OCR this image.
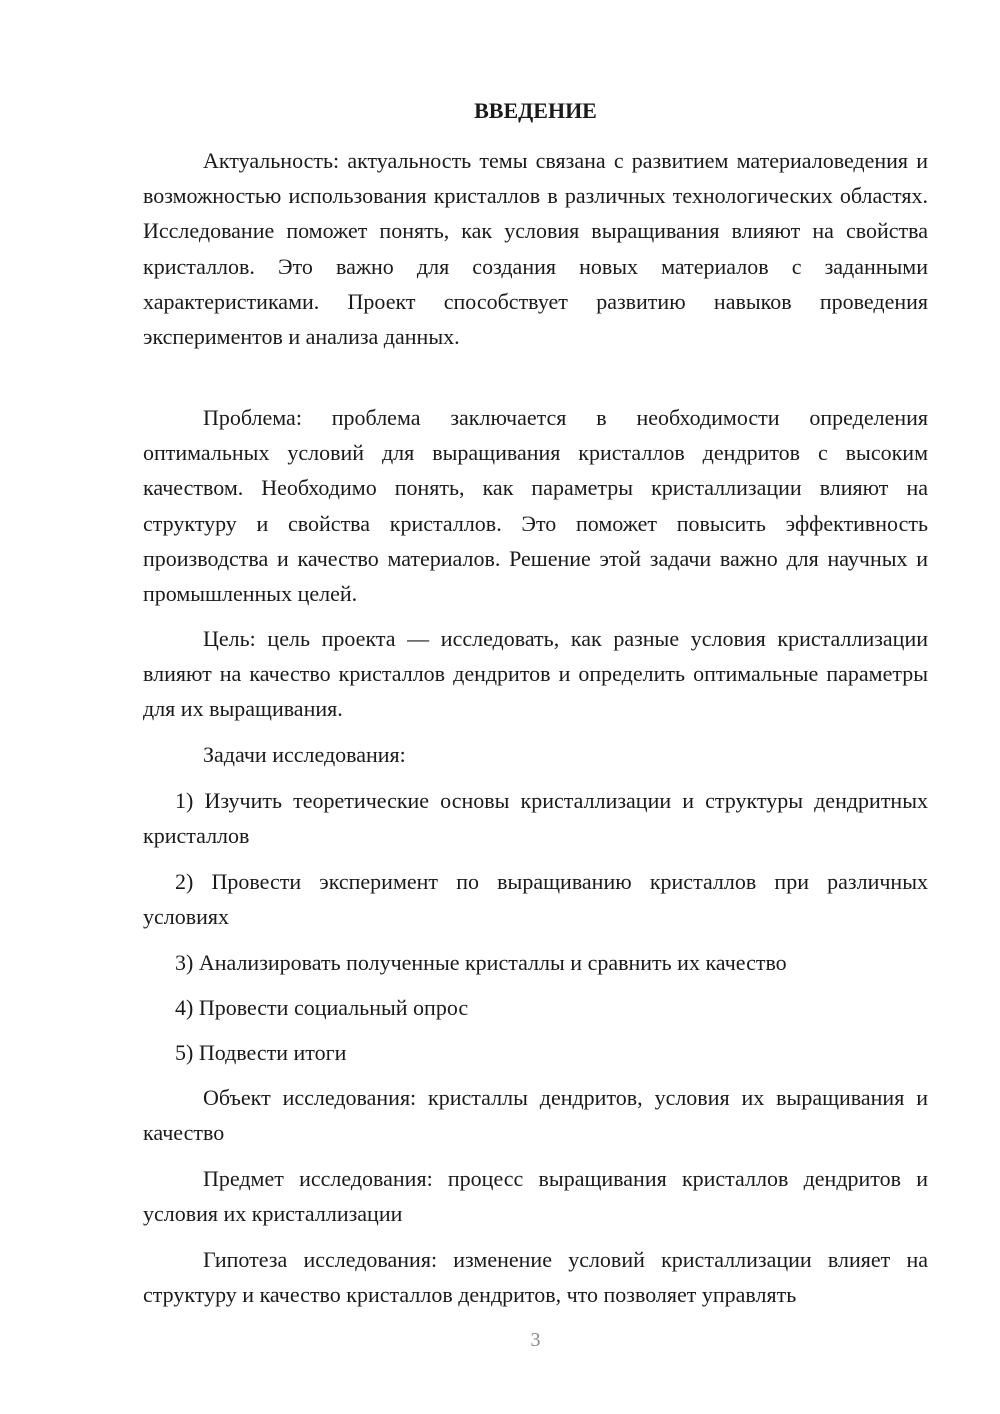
ВВЕДЕНИЕ

Актуальность: актуальность темы связана с развитием материаловедения и возможностью использования кристаллов в различных технологических областях. Исследование поможет понять, как условия выращивания влияют на свойства кристаллов. Это важно для создания новых материалов с заданными характеристиками. Проект способствует развитию навыков проведения экспериментов и анализа данных.

Проблема: проблема заключается в необходимости определения оптимальных условий для выращивания кристаллов дендритов с высоким качеством. Необходимо понять, как параметры кристаллизации влияют на структуру и свойства кристаллов. Это поможет повысить эффективность производства и качество материалов. Решение этой задачи важно для научных и промышленных целей.

Цель: цель проекта — исследовать, как разные условия кристаллизации влияют на качество кристаллов дендритов и определить оптимальные параметры для их выращивания.

Задачи исследования:

1) Изучить теоретические основы кристаллизации и структуры дендритных кристаллов

2) Провести эксперимент по выращиванию кристаллов при различных условиях

3) Анализировать полученные кристаллы и сравнить их качество

4) Провести социальный опрос

5) Подвести итоги

Объект исследования: кристаллы дендритов, условия их выращивания и качество

Предмет исследования: процесс выращивания кристаллов дендритов и условия их кристаллизации

Гипотеза исследования: изменение условий кристаллизации влияет на структуру и качество кристаллов дендритов, что позволяет управлять

3
